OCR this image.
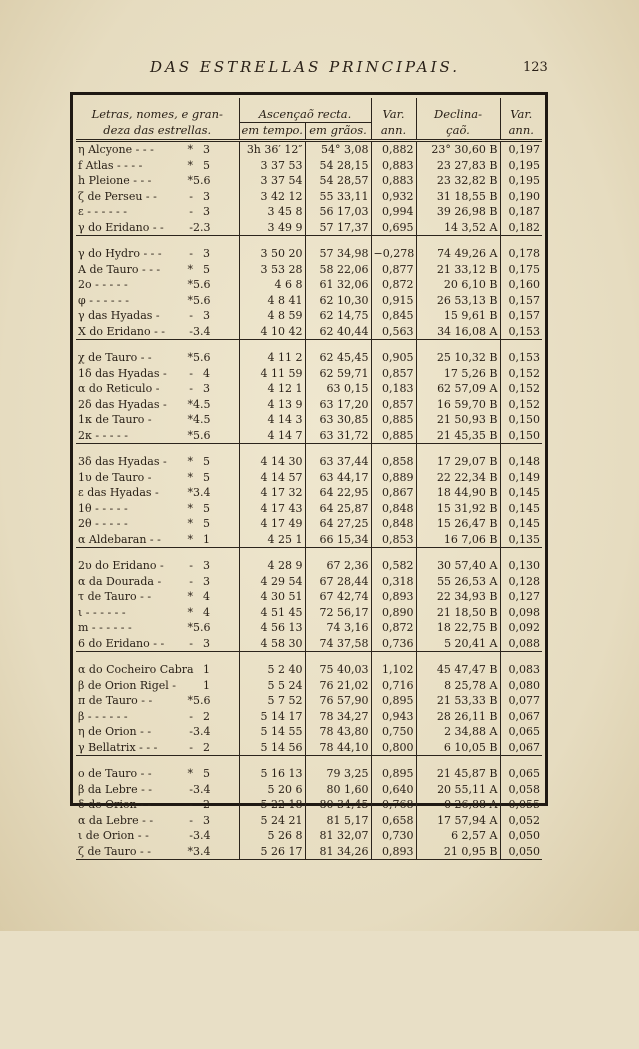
DAS ESTRELLAS PRINCIPAIS.	123
Letras, nomes, e gran-	Ascençaõ recta.		Var.	Declina-	Var.
deza das estrellas.	em tempo.	em grãos.	ann.	çaõ.	ann.
η Alcyone - - - * 3	3h 36′ 12″	54° 3,08	0,882	23° 30,60 B	0,197
f Atlas - - - - * 5	3 37 53	54 28,15	0,883	23 27,83 B	0,195
h Pleione - - - *5.6	3 37 54	54 28,57	0,883	23 32,82 B	0,195
ζ de Perseu - - - 3	3 42 12	55 33,11	0,932	31 18,55 B	0,190
ε - - - - - - - 3	3 45 8	56 17,03	0,994	39 26,98 B	0,187
γ do Eridano - - -2.3	3 49 9	57 17,37	0,695	14 3,52 A	0,182

γ do Hydro - - - - 3	3 50 20	57 34,98	−0,278	74 49,26 A	0,178
A de Tauro - - - * 5	3 53 28	58 22,06	0,877	21 33,12 B	0,175
2o - - - - - *5.6	4 6 8	61 32,06	0,872	20 6,10 B	0,160
φ - - - - - - *5.6	4 8 41	62 10,30	0,915	26 53,13 B	0,157
γ das Hyadas - - 3	4 8 59	62 14,75	0,845	15 9,61 B	0,157
X do Eridano - - -3.4	4 10 42	62 40,44	0,563	34 16,08 A	0,153

χ de Tauro - - *5.6	4 11 2	62 45,45	0,905	25 10,32 B	0,153
1δ das Hyadas - - 4	4 11 59	62 59,71	0,857	17 5,26 B	0,152
α do Reticulo - - 3	4 12 1	63 0,15	0,183	62 57,09 A	0,152
2δ das Hyadas - *4.5	4 13 9	63 17,20	0,857	16 59,70 B	0,152
1κ de Tauro - *4.5	4 14 3	63 30,85	0,885	21 50,93 B	0,150
2κ - - - - - *5.6	4 14 7	63 31,72	0,885	21 45,35 B	0,150

3δ das Hyadas - * 5	4 14 30	63 37,44	0,858	17 29,07 B	0,148
1υ de Tauro - * 5	4 14 57	63 44,17	0,889	22 22,34 B	0,149
ε das Hyadas - *3.4	4 17 32	64 22,95	0,867	18 44,90 B	0,145
1θ - - - - - * 5	4 17 43	64 25,87	0,848	15 31,92 B	0,145
2θ - - - - - * 5	4 17 49	64 27,25	0,848	15 26,47 B	0,145
α Aldebaran - - * 1	4 25 1	66 15,34	0,853	16 7,06 B	0,135

2υ do Eridano - - 3	4 28 9	67 2,36	0,582	30 57,40 A	0,130
α da Dourada - - 3	4 29 54	67 28,44	0,318	55 26,53 A	0,128
τ de Tauro - - * 4	4 30 51	67 42,74	0,893	22 34,93 B	0,127
ι - - - - - - * 4	4 51 45	72 56,17	0,890	21 18,50 B	0,098
m - - - - - - *5.6	4 56 13	74 3,16	0,872	18 22,75 B	0,092
6 do Eridano - - - 3	4 58 30	74 37,58	0,736	5 20,41 A	0,088

α do Cocheiro Cabra 1	5 2 40	75 40,03	1,102	45 47,47 B	0,083
β de Orion Rigel - 1	5 5 24	76 21,02	0,716	8 25,78 A	0,080
π de Tauro - - *5.6	5 7 52	76 57,90	0,895	21 53,33 B	0,077
β - - - - - - - 2	5 14 17	78 34,27	0,943	28 26,11 B	0,067
η de Orion - - -3.4	5 14 55	78 43,80	0,750	2 34,88 A	0,065
γ Bellatrix - - - - 2	5 14 56	78 44,10	0,800	6 10,05 B	0,067

ο de Tauro - - * 5	5 16 13	79 3,25	0,895	21 45,87 B	0,065
β da Lebre - - -3.4	5 20 6	80 1,60	0,640	20 55,11 A	0,058
δ de Orion - - - 2	5 22 18	80 34,45	0,768	0 26,88 A	0,055
α da Lebre - - - 3	5 24 21	81 5,17	0,658	17 57,94 A	0,052
ι de Orion - - -3.4	5 26 8	81 32,07	0,730	6 2,57 A	0,050
ζ de Tauro - - *3.4	5 26 17	81 34,26	0,893	21 0,95 B	0,050
